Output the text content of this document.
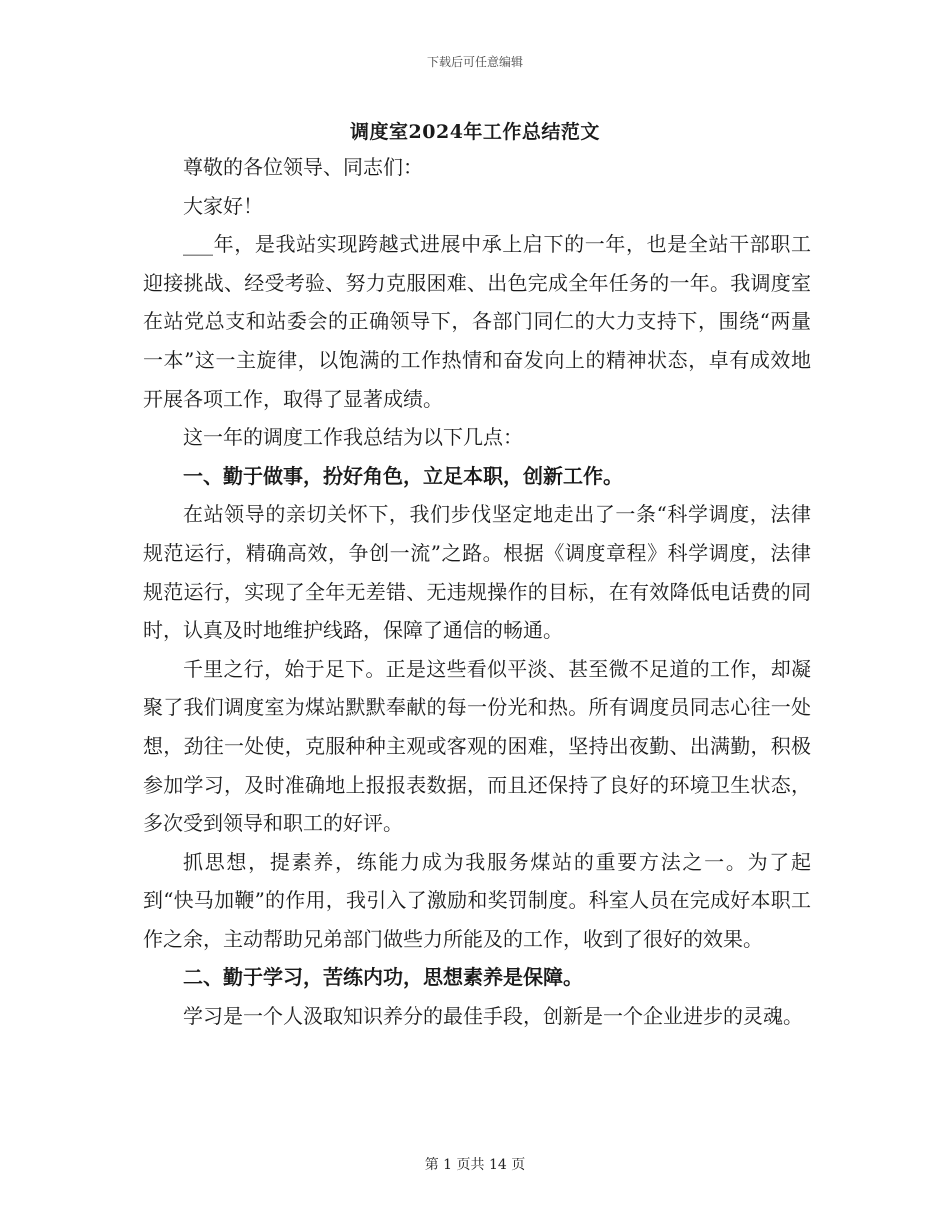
下载后可任意编辑
调度室2024年工作总结范文

尊敬的各位领导、同志们：

大家好！

___年，是我站实现跨越式进展中承上启下的一年，也是全站干部职工迎接挑战、经受考验、努力克服困难、出色完成全年任务的一年。我调度室在站党总支和站委会的正确领导下，各部门同仁的大力支持下，围绕“两量一本”这一主旋律，以饱满的工作热情和奋发向上的精神状态，卓有成效地开展各项工作，取得了显著成绩。

这一年的调度工作我总结为以下几点：

一、勤于做事，扮好角色，立足本职，创新工作。

在站领导的亲切关怀下，我们步伐坚定地走出了一条“科学调度，法律规范运行，精确高效，争创一流”之路。根据《调度章程》科学调度，法律规范运行，实现了全年无差错、无违规操作的目标，在有效降低电话费的同时，认真及时地维护线路，保障了通信的畅通。

千里之行，始于足下。正是这些看似平淡、甚至微不足道的工作，却凝聚了我们调度室为煤站默默奉献的每一份光和热。所有调度员同志心往一处想，劲往一处使，克服种种主观或客观的困难，坚持出夜勤、出满勤，积极参加学习，及时准确地上报报表数据，而且还保持了良好的环境卫生状态，多次受到领导和职工的好评。

抓思想，提素养，练能力成为我服务煤站的重要方法之一。为了起到“快马加鞭”的作用，我引入了激励和奖罚制度。科室人员在完成好本职工作之余，主动帮助兄弟部门做些力所能及的工作，收到了很好的效果。

二、勤于学习，苦练内功，思想素养是保障。

学习是一个人汲取知识养分的最佳手段，创新是一个企业进步的灵魂。

第 1 页共 14 页
